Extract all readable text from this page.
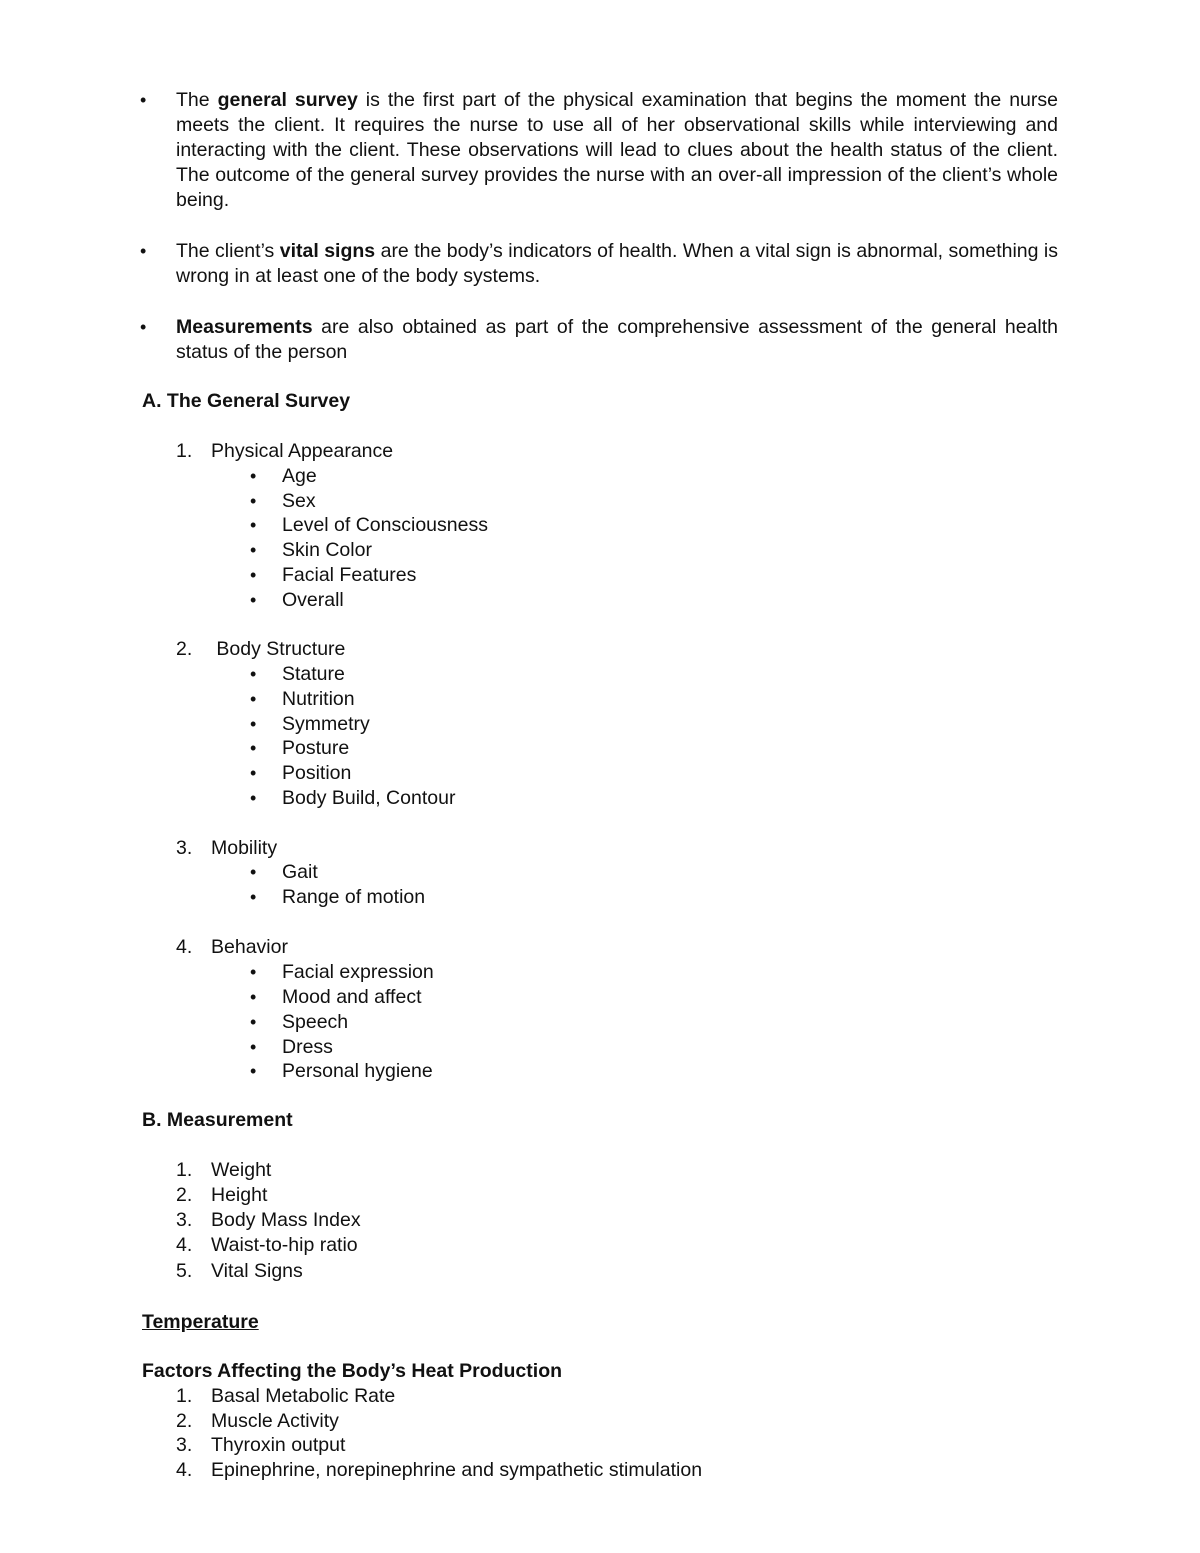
•	The general survey is the first part of the physical examination that begins the moment the nurse meets the client. It requires the nurse to use all of her observational skills while interviewing and interacting with the client. These observations will lead to clues about the health status of the client. The outcome of the general survey provides the nurse with an over-all impression of the client’s whole being.
•	The client’s vital signs are the body’s indicators of health. When a vital sign is abnormal, something is wrong in at least one of the body systems.
•	Measurements are also obtained as part of the comprehensive assessment of the general health status of the person
A. The General Survey
1. Physical Appearance
•	Age
•	Sex
•	Level of Consciousness
•	Skin Color
•	Facial Features
•	Overall
2. Body Structure
•	Stature
•	Nutrition
•	Symmetry
•	Posture
•	Position
•	Body Build, Contour
3. Mobility
•	Gait
•	Range of motion
4. Behavior
•	Facial expression
•	Mood and affect
•	Speech
•	Dress
•	Personal hygiene
B. Measurement
1. Weight
2. Height
3. Body Mass Index
4. Waist-to-hip ratio
5. Vital Signs
Temperature
Factors Affecting the Body’s Heat Production
1. Basal Metabolic Rate
2. Muscle Activity
3. Thyroxin output
4. Epinephrine, norepinephrine and sympathetic stimulation
